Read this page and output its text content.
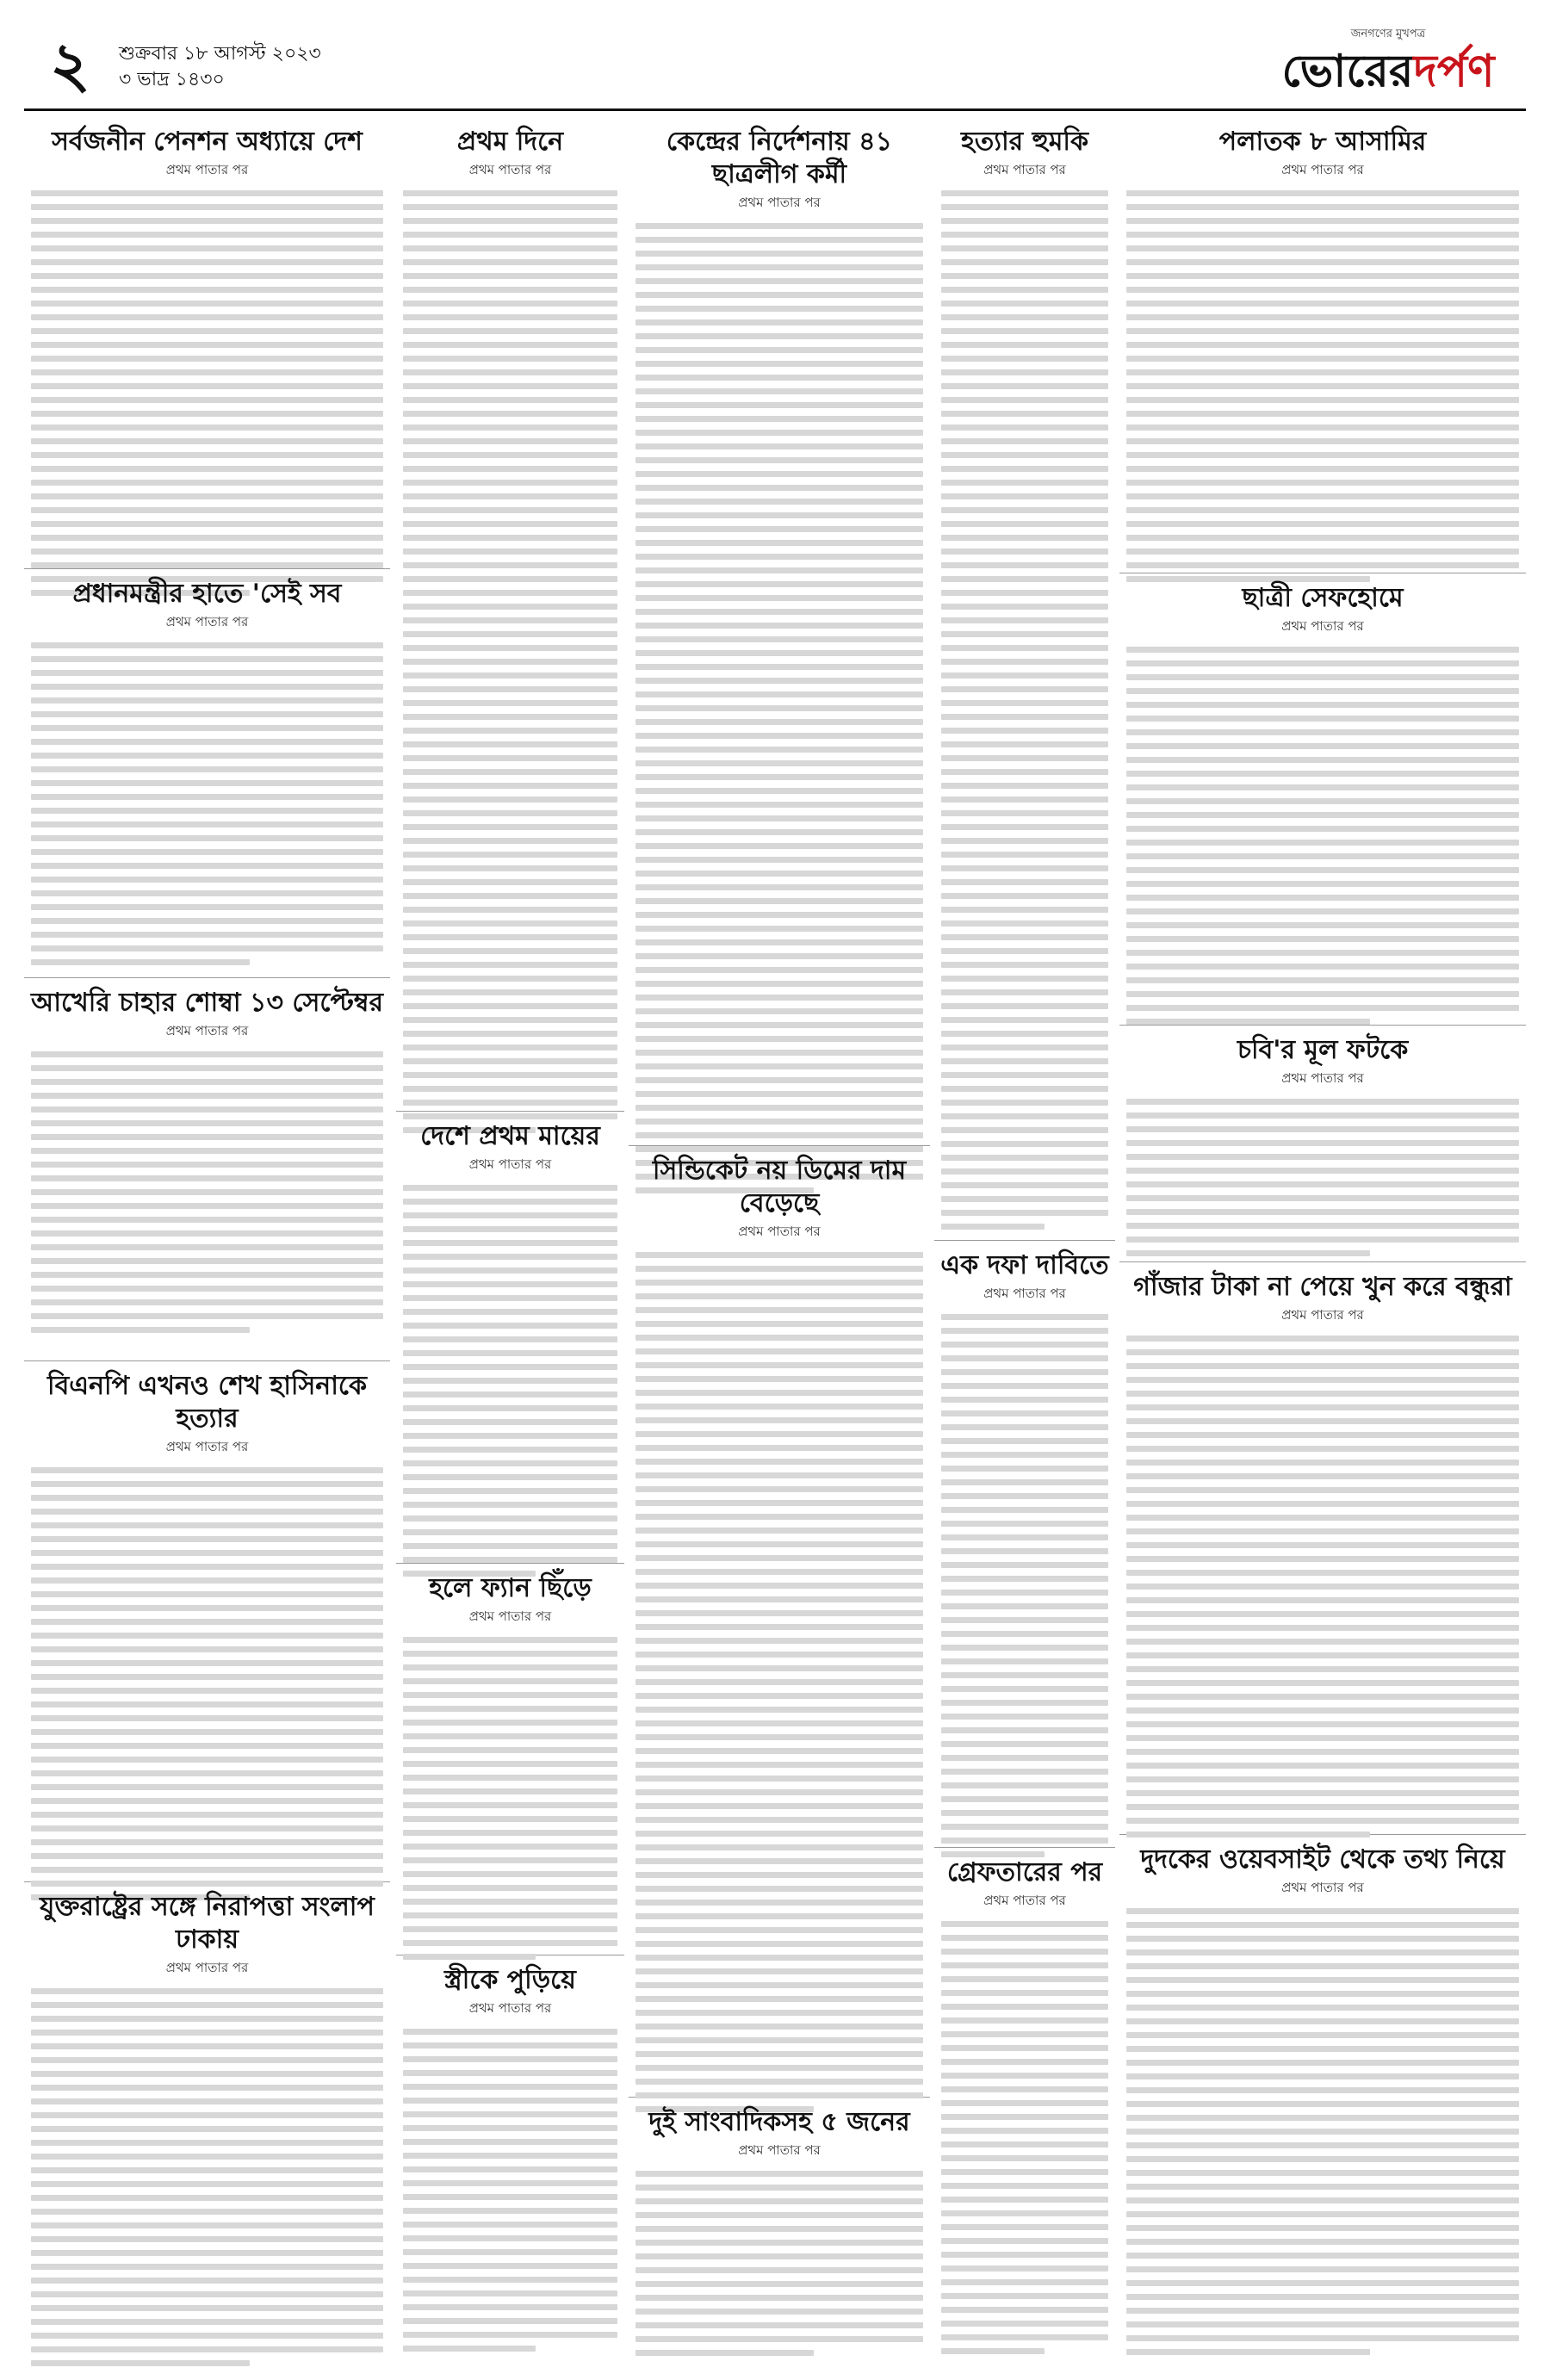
২ শুক্রবার ১৮ আগস্ট ২০২৩
৩ ভাদ্র ১৪৩০
জনগণের মুখপত্র
ভোরেরদর্পণ
সর্বজনীন পেনশন অধ্যায়ে দেশ
প্রথম পাতার পর
প্রধানমন্ত্রীর হাতে 'সেই সব
প্রথম পাতার পর
আখেরি চাহার শোম্বা ১৩ সেপ্টেম্বর
প্রথম পাতার পর
বিএনপি এখনও শেখ হাসিনাকে হত্যার
প্রথম পাতার পর
যুক্তরাষ্ট্রের সঙ্গে নিরাপত্তা সংলাপ ঢাকায়
প্রথম পাতার পর
প্রথম দিনে
প্রথম পাতার পর
দেশে প্রথম মায়ের
প্রথম পাতার পর
হলে ফ্যান ছিঁড়ে
প্রথম পাতার পর
স্ত্রীকে পুড়িয়ে
প্রথম পাতার পর
কেন্দ্রের নির্দেশনায় ৪১ ছাত্রলীগ কর্মী
প্রথম পাতার পর
সিন্ডিকেট নয় ডিমের দাম বেড়েছে
প্রথম পাতার পর
দুই সাংবাদিকসহ ৫ জনের
প্রথম পাতার পর
হত্যার হুমকি
প্রথম পাতার পর
এক দফা দাবিতে
প্রথম পাতার পর
গ্রেফতারের পর
প্রথম পাতার পর
পলাতক ৮ আসামির
প্রথম পাতার পর
ছাত্রী সেফহোমে
প্রথম পাতার পর
চবি'র মূল ফটকে
প্রথম পাতার পর
গাঁজার টাকা না পেয়ে খুন করে বন্ধুরা
প্রথম পাতার পর
দুদকের ওয়েবসাইট থেকে তথ্য নিয়ে
প্রথম পাতার পর
